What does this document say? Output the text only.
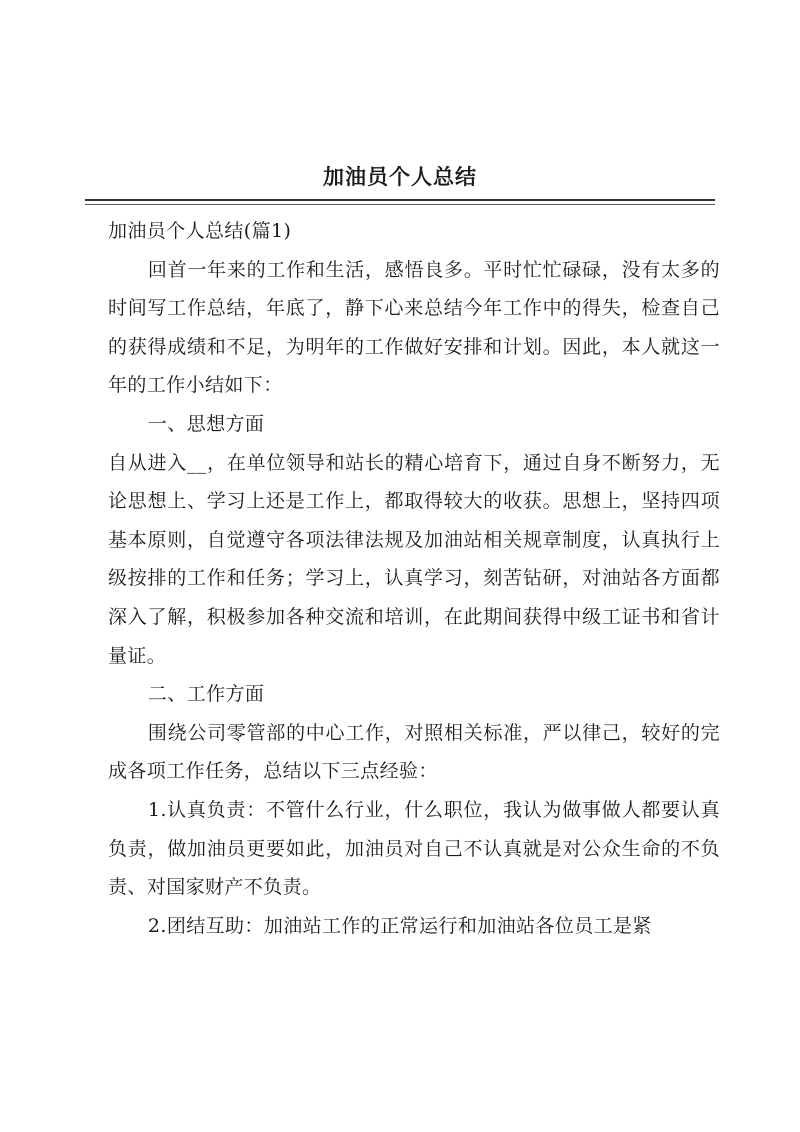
加油员个人总结

加油员个人总结(篇1)

回首一年来的工作和生活，感悟良多。平时忙忙碌碌，没有太多的时间写工作总结，年底了，静下心来总结今年工作中的得失，检查自己的获得成绩和不足，为明年的工作做好安排和计划。因此，本人就这一年的工作小结如下：

一、思想方面

自从进入__，在单位领导和站长的精心培育下，通过自身不断努力，无论思想上、学习上还是工作上，都取得较大的收获。思想上，坚持四项基本原则，自觉遵守各项法律法规及加油站相关规章制度，认真执行上级按排的工作和任务；学习上，认真学习，刻苦钻研，对油站各方面都深入了解，积极参加各种交流和培训，在此期间获得中级工证书和省计量证。

二、工作方面

围绕公司零管部的中心工作，对照相关标准，严以律己，较好的完成各项工作任务，总结以下三点经验：

1.认真负责：不管什么行业，什么职位，我认为做事做人都要认真负责，做加油员更要如此，加油员对自己不认真就是对公众生命的不负责、对国家财产不负责。

2.团结互助：加油站工作的正常运行和加油站各位员工是紧
